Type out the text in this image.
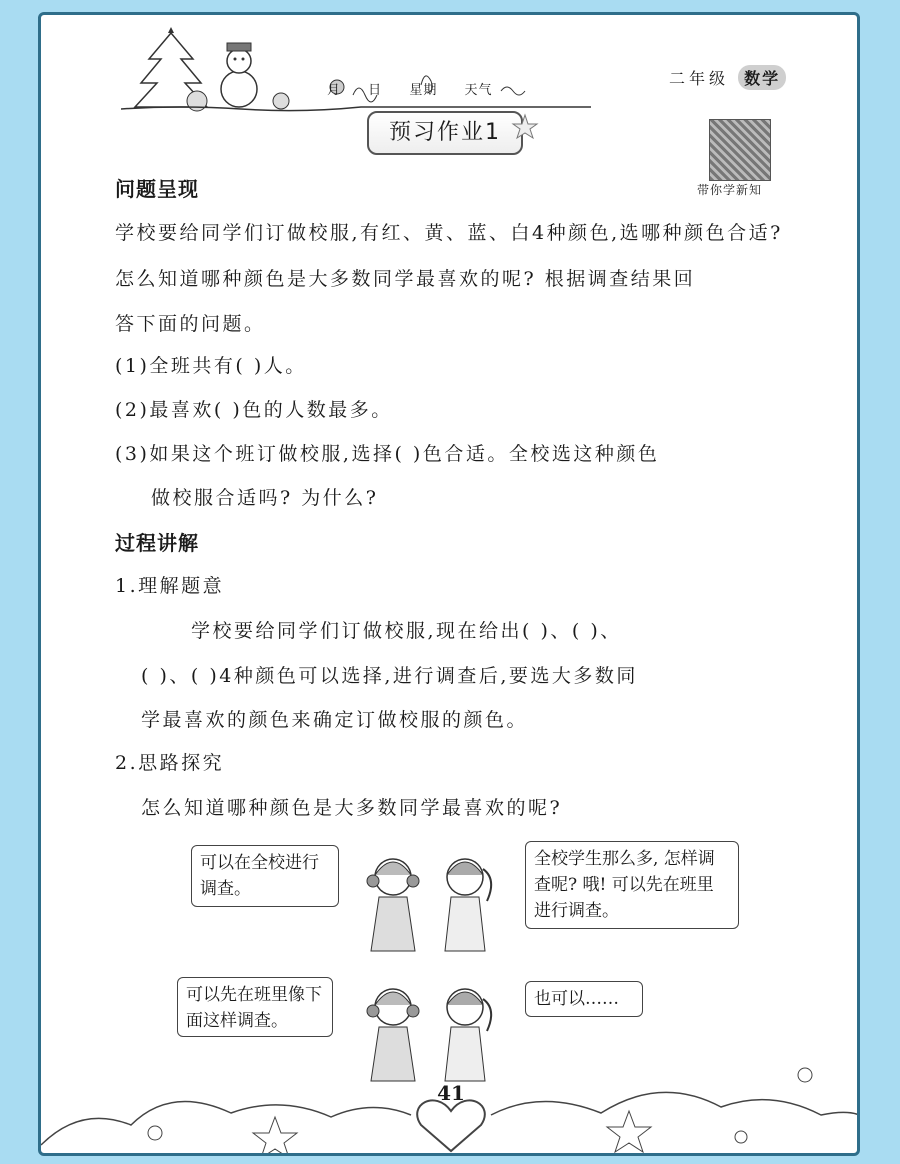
月 日 星期 天气
二年级 数学
预习作业1
带你学新知
问题呈现
学校要给同学们订做校服,有红、黄、蓝、白4种颜色,选哪种颜色合适?
怎么知道哪种颜色是大多数同学最喜欢的呢? 根据调查结果回
答下面的问题。
(1)全班共有( )人。
(2)最喜欢( )色的人数最多。
(3)如果这个班订做校服,选择( )色合适。全校选这种颜色
做校服合适吗? 为什么?
过程讲解
1.理解题意
学校要给同学们订做校服,现在给出( )、( )、
( )、( )4种颜色可以选择,进行调查后,要选大多数同
学最喜欢的颜色来确定订做校服的颜色。
2.思路探究
怎么知道哪种颜色是大多数同学最喜欢的呢?
可以在全校进行调查。
全校学生那么多, 怎样调查呢? 哦! 可以先在班里进行调查。
可以先在班里像下面这样调查。
也可以……
41
